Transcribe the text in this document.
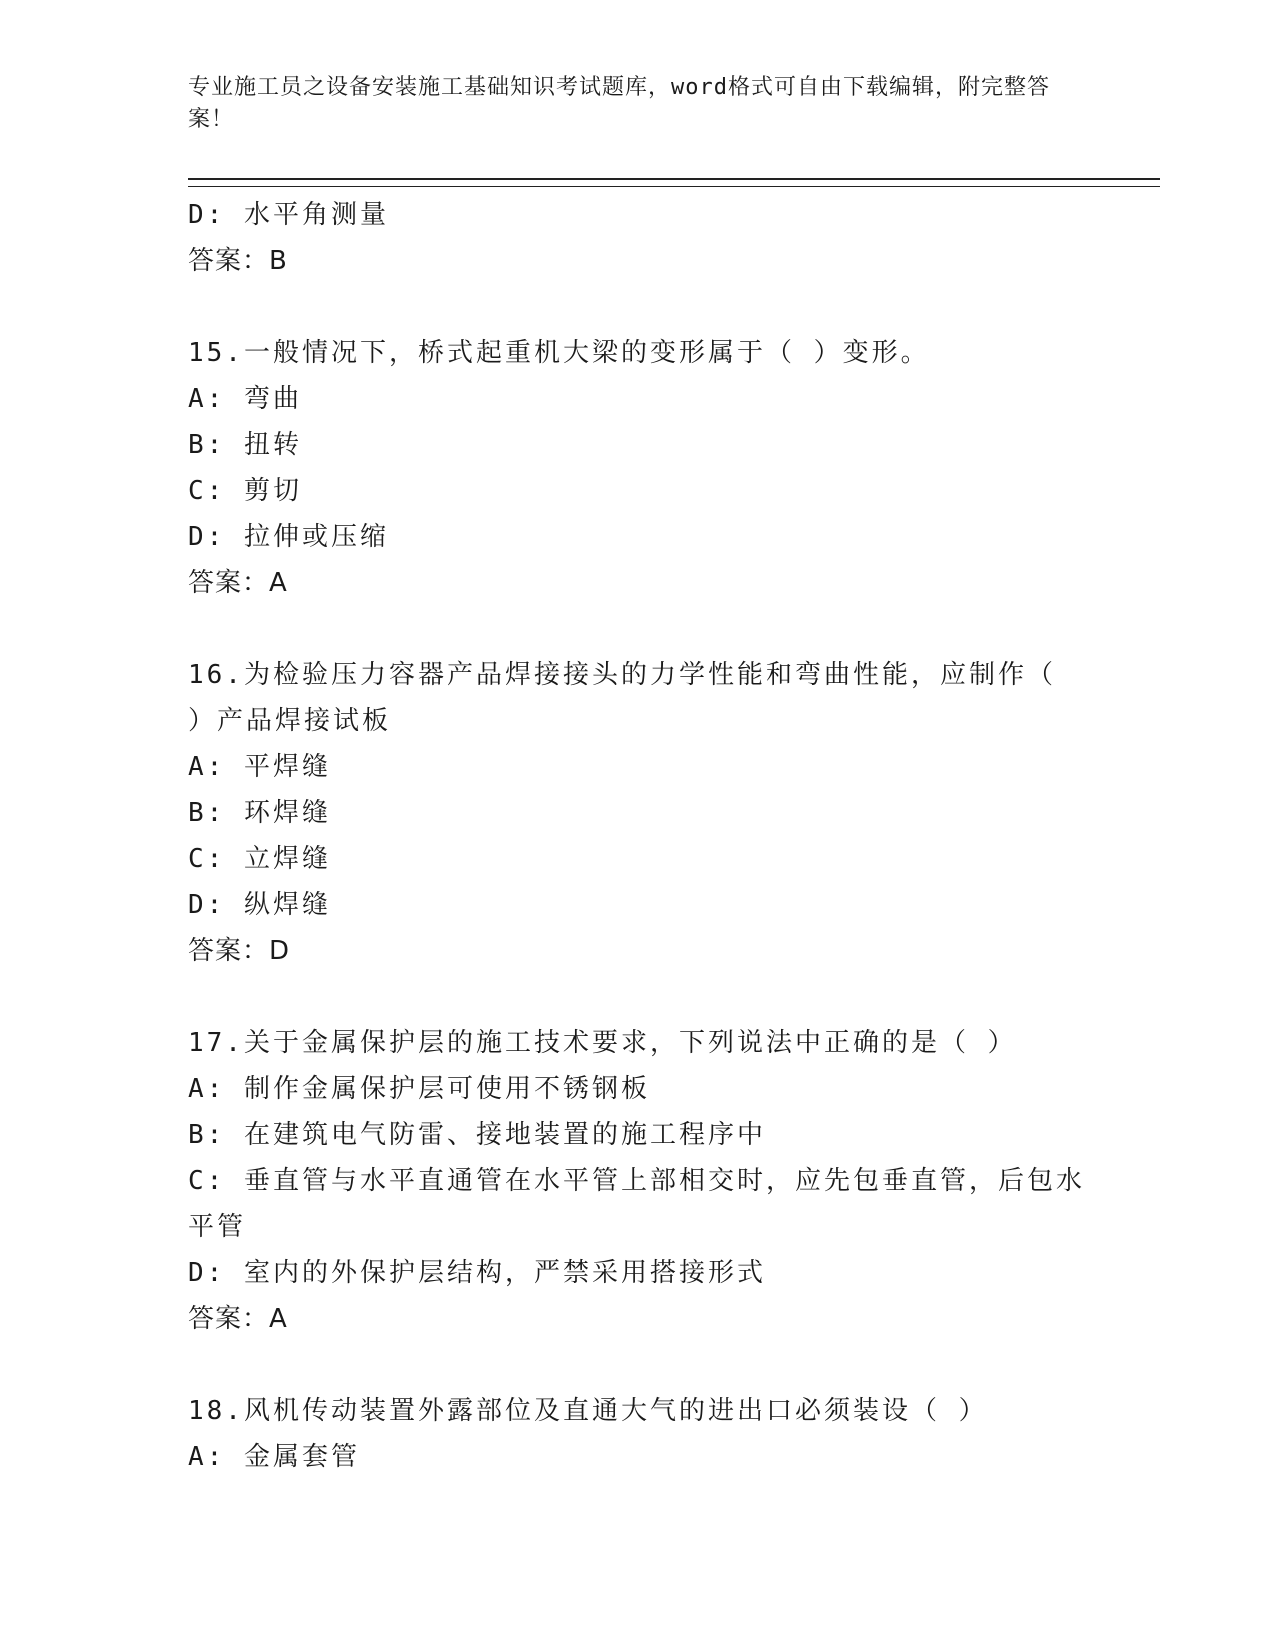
专业施工员之设备安装施工基础知识考试题库，word格式可自由下载编辑，附完整答案！
D: 水平角测量
答案：B
15.一般情况下，桥式起重机大梁的变形属于（ ）变形。
A: 弯曲
B: 扭转
C: 剪切
D: 拉伸或压缩
答案：A
16.为检验压力容器产品焊接接头的力学性能和弯曲性能，应制作（ ）产品焊接试板
A: 平焊缝
B: 环焊缝
C: 立焊缝
D: 纵焊缝
答案：D
17.关于金属保护层的施工技术要求，下列说法中正确的是（ ）
A: 制作金属保护层可使用不锈钢板
B: 在建筑电气防雷、接地装置的施工程序中
C: 垂直管与水平直通管在水平管上部相交时，应先包垂直管，后包水平管
D: 室内的外保护层结构，严禁采用搭接形式
答案：A
18.风机传动装置外露部位及直通大气的进出口必须装设（ ）
A: 金属套管
